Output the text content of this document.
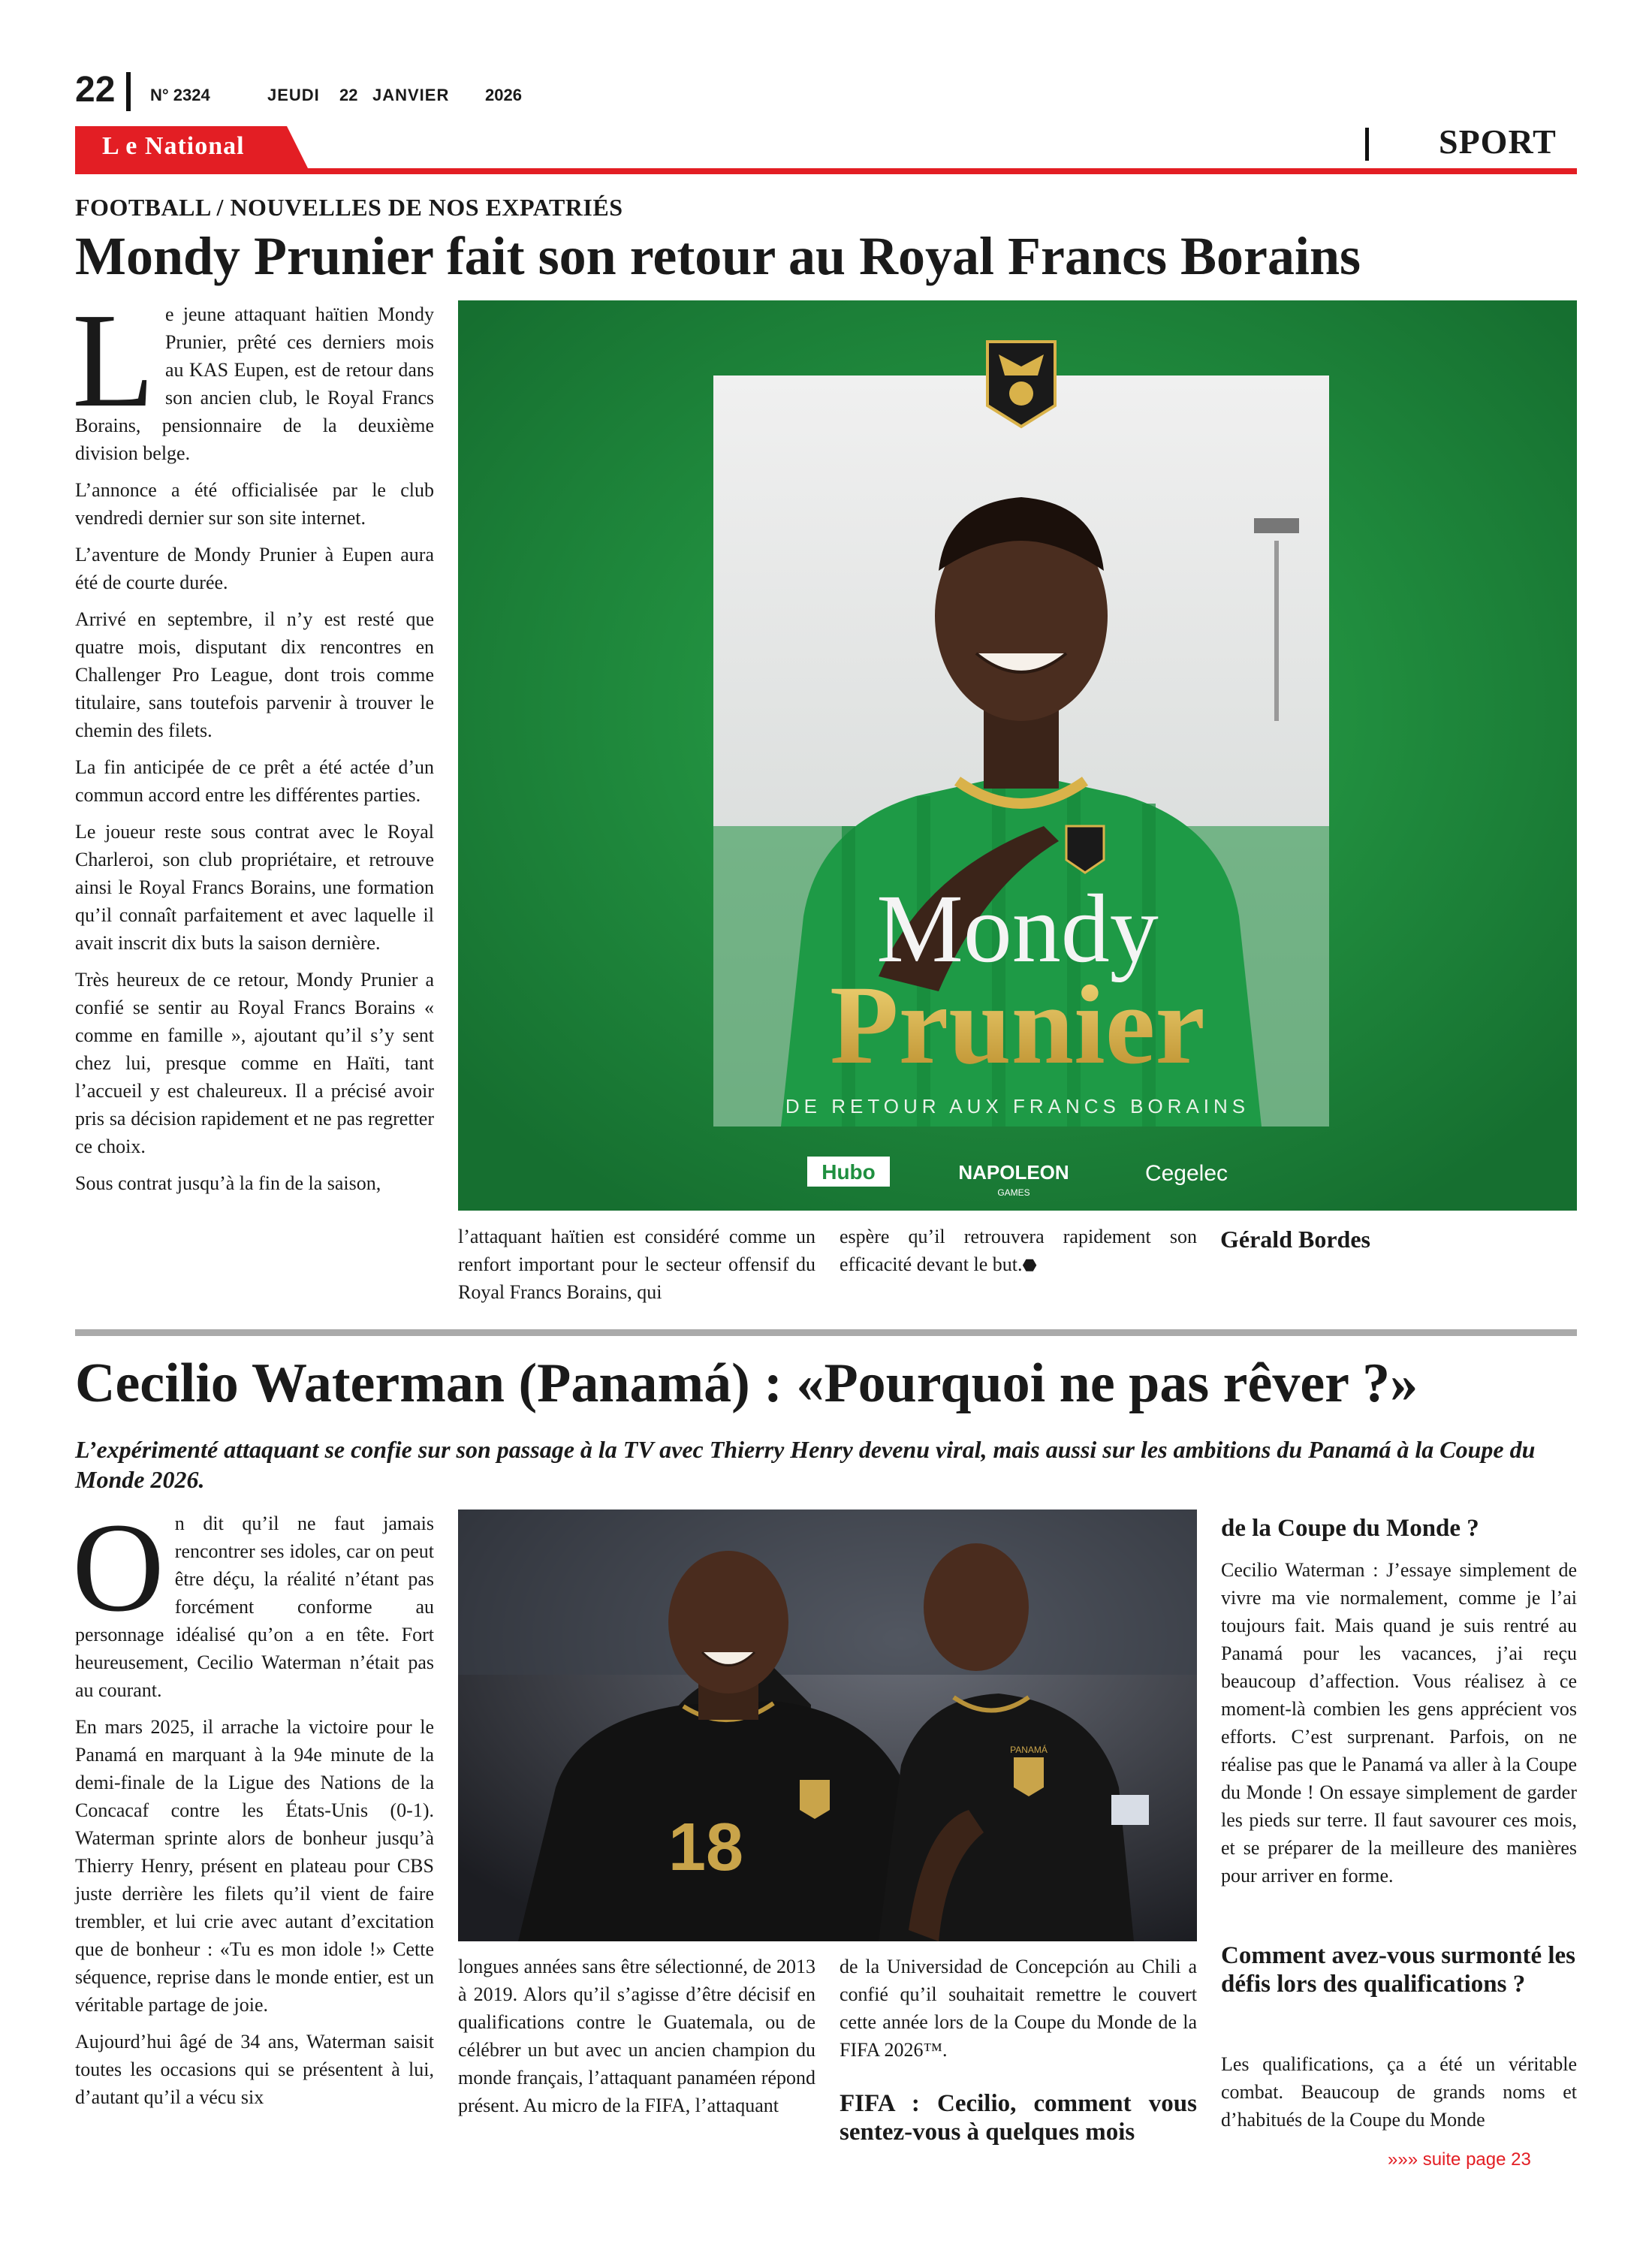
22 N° 2324	JEUDI 22 JANVIER 2026
L e National	SPORT
FOOTBALL / NOUVELLES DE NOS EXPATRIÉS
Mondy Prunier fait son retour au Royal Francs Borains

Le jeune attaquant haïtien Mondy Prunier, prêté ces derniers mois au KAS Eupen, est de retour dans son ancien club, le Royal Francs Borains, pensionnaire de la deuxième division belge.

L’annonce a été officialisée par le club vendredi dernier sur son site internet.

L’aventure de Mondy Prunier à Eupen aura été de courte durée.

Arrivé en septembre, il n’y est resté que quatre mois, disputant dix rencontres en Challenger Pro League, dont trois comme titulaire, sans toutefois parvenir à trouver le chemin des filets.

La fin anticipée de ce prêt a été actée d’un commun accord entre les différentes parties.

Le joueur reste sous contrat avec le Royal Charleroi, son club propriétaire, et retrouve ainsi le Royal Francs Borains, une formation qu’il connaît parfaitement et avec laquelle il avait inscrit dix buts la saison dernière.

Très heureux de ce retour, Mondy Prunier a confié se sentir au Royal Francs Borains « comme en famille », ajoutant qu’il s’y sent chez lui, presque comme en Haïti, tant l’accueil y est chaleureux. Il a précisé avoir pris sa décision rapidement et ne pas regretter ce choix.

Sous contrat jusqu’à la fin de la saison,

Mondy
Prunier
DE RETOUR AUX FRANCS BORAINS
Hubo	NAPOLEON
GAMES
Cegelec
l’attaquant haïtien est considéré comme un renfort important pour le secteur offensif du Royal Francs Borains, qui
espère qu’il retrouvera rapidement son efficacité devant le but.⬣
Gérald Bordes
Cecilio Waterman (Panamá) : «Pourquoi ne pas rêver ?»
L’expérimenté attaquant se confie sur son passage à la TV avec Thierry Henry devenu viral, mais aussi sur les ambitions du Panamá à la Coupe du Monde 2026.

On dit qu’il ne faut jamais rencontrer ses idoles, car on peut être déçu, la réalité n’étant pas forcément conforme au personnage idéalisé qu’on a en tête. Fort heureusement, Cecilio Waterman n’était pas au courant.

En mars 2025, il arrache la victoire pour le Panamá en marquant à la 94e minute de la demi-finale de la Ligue des Nations de la Concacaf contre les États-Unis (0-1). Waterman sprinte alors de bonheur jusqu’à Thierry Henry, présent en plateau pour CBS juste derrière les filets qu’il vient de faire trembler, et lui crie avec autant d’excitation que de bonheur : «Tu es mon idole !» Cette séquence, reprise dans le monde entier, est un véritable partage de joie.

Aujourd’hui âgé de 34 ans, Waterman saisit toutes les occasions qui se présentent à lui, d’autant qu’il a vécu six

18
PANAMÁ

longues années sans être sélectionné, de 2013 à 2019. Alors qu’il s’agisse d’être décisif en qualifications contre le Guatemala, ou de célébrer un but avec un ancien champion du monde français, l’attaquant panaméen répond présent. Au micro de la FIFA, l’attaquant

de la Universidad de Concepción au Chili a confié qu’il souhaitait remettre le couvert cette année lors de la Coupe du Monde de la FIFA 2026™.

FIFA : Cecilio, comment vous sentez-vous à quelques mois
de la Coupe du Monde ?

Cecilio Waterman : J’essaye simplement de vivre ma vie normalement, comme je l’ai toujours fait. Mais quand je suis rentré au Panamá pour les vacances, j’ai reçu beaucoup d’affection. Vous réalisez à ce moment-là combien les gens apprécient vos efforts. C’est surprenant. Parfois, on ne réalise pas que le Panamá va aller à la Coupe du Monde ! On essaye simplement de garder les pieds sur terre. Il faut savourer ces mois, et se préparer de la meilleure des manières pour arriver en forme.

Comment avez-vous surmonté les défis lors des qualifications ?

Les qualifications, ça a été un véritable combat. Beaucoup de grands noms et d’habitués de la Coupe du Monde

»»» suite page 23
